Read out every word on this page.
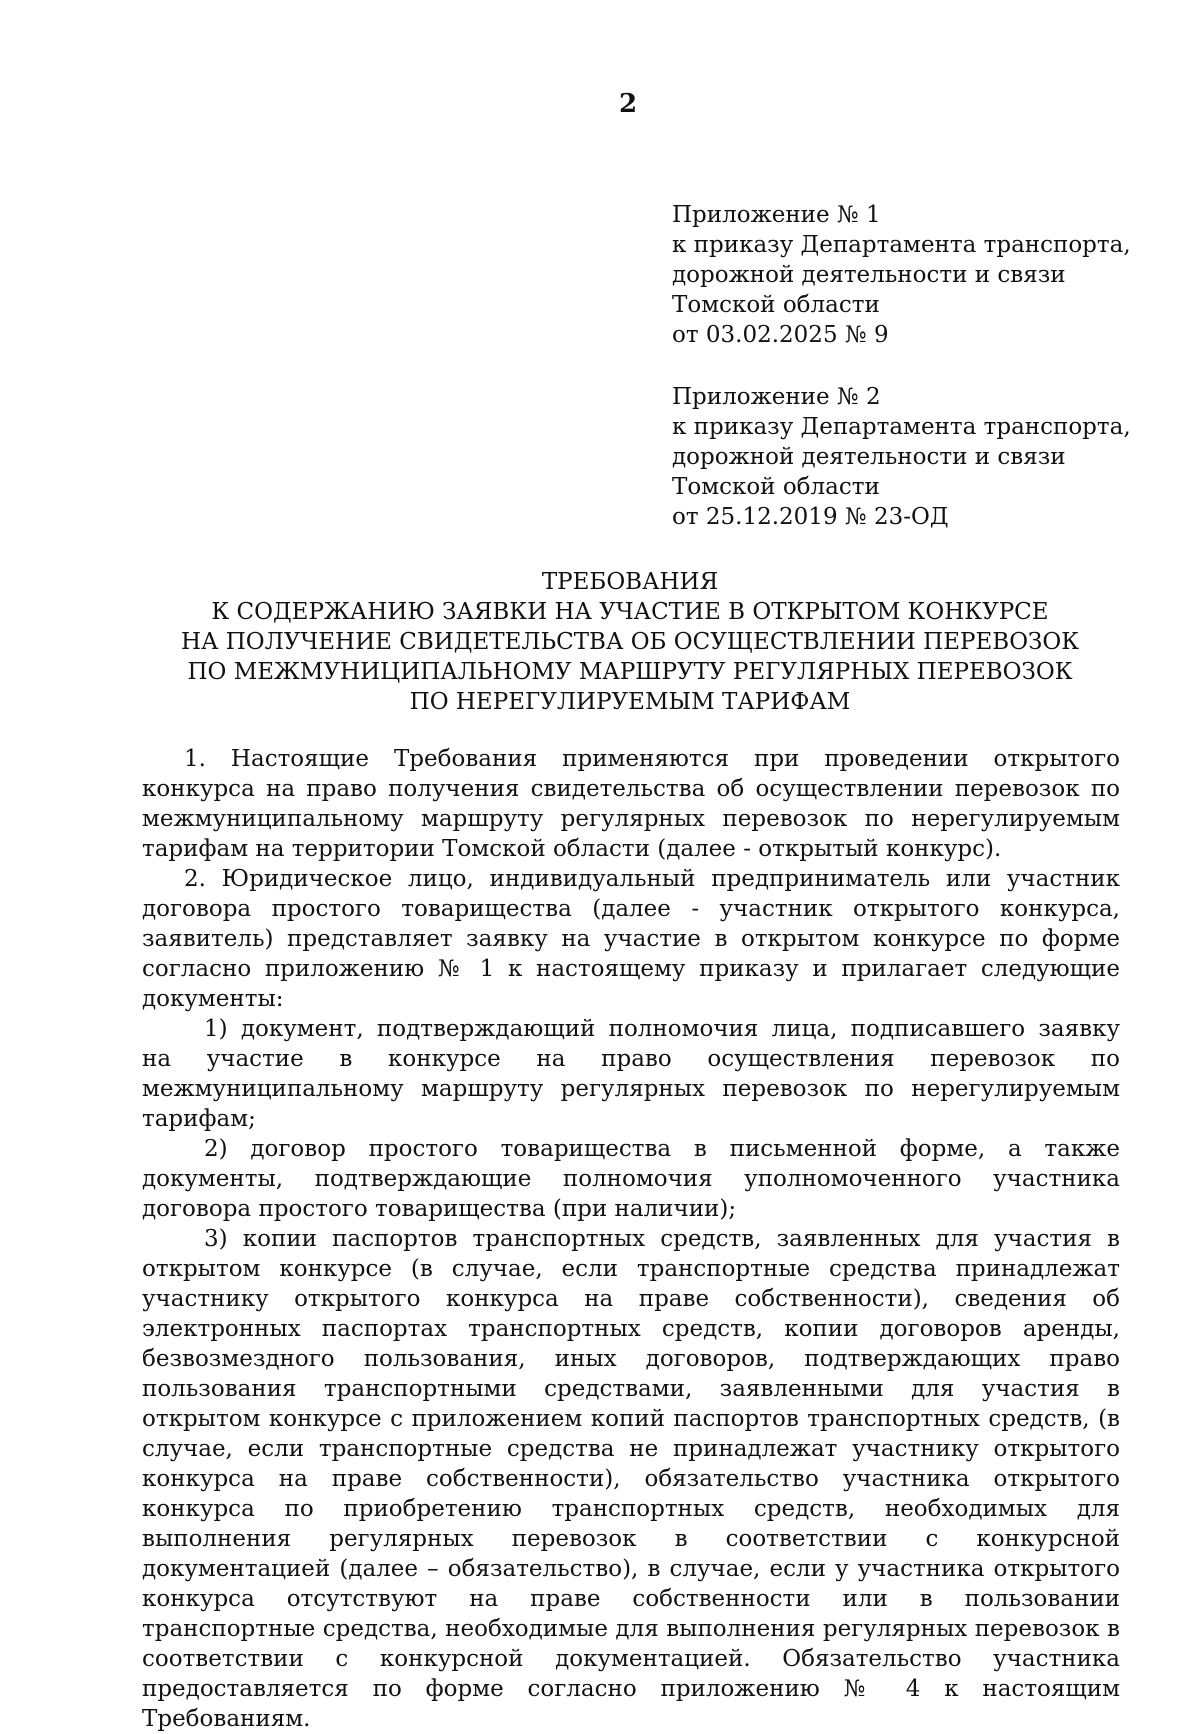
2
Приложение № 1
к приказу Департамента транспорта,
дорожной деятельности и связи
Томской области
от 03.02.2025 № 9
Приложение № 2
к приказу Департамента транспорта,
дорожной деятельности и связи
Томской области
от 25.12.2019 № 23-ОД
ТРЕБОВАНИЯ
К СОДЕРЖАНИЮ ЗАЯВКИ НА УЧАСТИЕ В ОТКРЫТОМ КОНКУРСЕ
НА ПОЛУЧЕНИЕ СВИДЕТЕЛЬСТВА ОБ ОСУЩЕСТВЛЕНИИ ПЕРЕВОЗОК
ПО МЕЖМУНИЦИПАЛЬНОМУ МАРШРУТУ РЕГУЛЯРНЫХ ПЕРЕВОЗОК
ПО НЕРЕГУЛИРУЕМЫМ ТАРИФАМ

1. Настоящие Требования применяются при проведении открытого конкурса на право получения свидетельства об осуществлении перевозок по межмуниципальному маршруту регулярных перевозок по нерегулируемым тарифам на территории Томской области (далее - открытый конкурс).

2. Юридическое лицо, индивидуальный предприниматель или участник договора простого товарищества (далее - участник открытого конкурса, заявитель) представляет заявку на участие в открытом конкурсе по форме согласно приложению № 1 к настоящему приказу и прилагает следующие документы:

1) документ, подтверждающий полномочия лица, подписавшего заявку на участие в конкурсе на право осуществления перевозок по межмуниципальному маршруту регулярных перевозок по нерегулируемым тарифам;

2) договор простого товарищества в письменной форме, а также документы, подтверждающие полномочия уполномоченного участника договора простого товарищества (при наличии);

3) копии паспортов транспортных средств, заявленных для участия в открытом конкурсе (в случае, если транспортные средства принадлежат участнику открытого конкурса на праве собственности), сведения об электронных паспортах транспортных средств, копии договоров аренды, безвозмездного пользования, иных договоров, подтверждающих право пользования транспортными средствами, заявленными для участия в открытом конкурсе с приложением копий паспортов транспортных средств, (в случае, если транспортные средства не принадлежат участнику открытого конкурса на праве собственности), обязательство участника открытого конкурса по приобретению транспортных средств, необходимых для выполнения регулярных перевозок в соответствии с конкурсной документацией (далее – обязательство), в случае, если у участника открытого конкурса отсутствуют на праве собственности или в пользовании транспортные средства, необходимые для выполнения регулярных перевозок в соответствии с конкурсной документацией. Обязательство участника предоставляется по форме согласно приложению № 4 к настоящим Требованиям.
